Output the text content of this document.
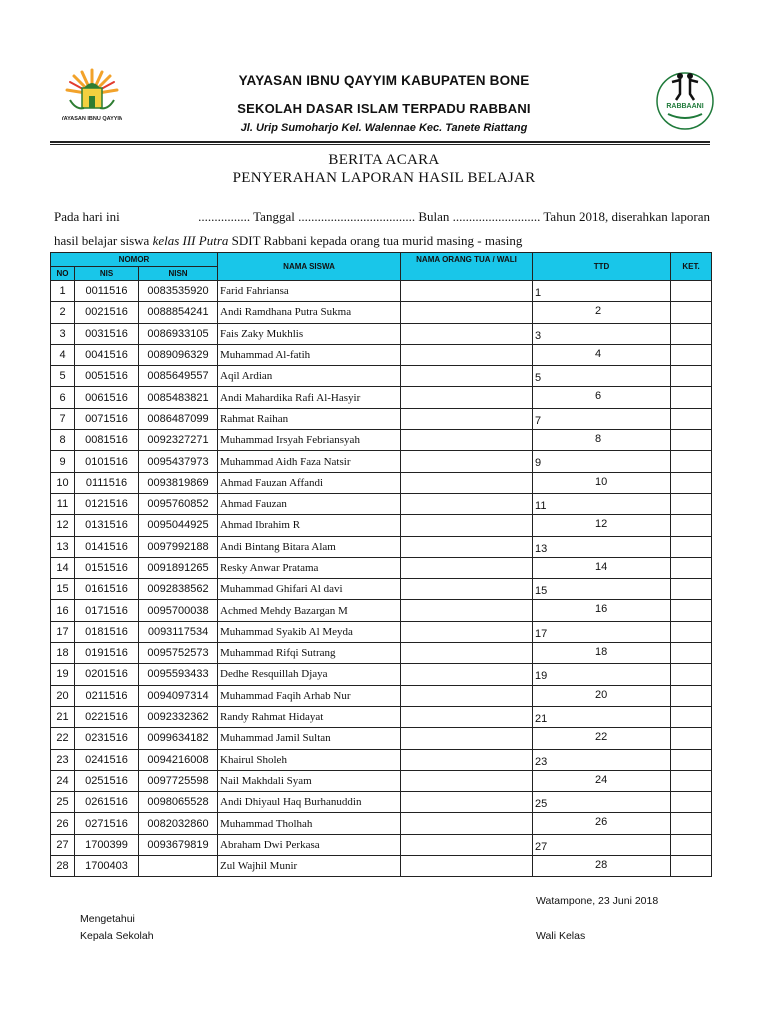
YAYASAN IBNU QAYYIM
RABBAANI
YAYASAN IBNU QAYYIM KABUPATEN BONE
SEKOLAH DASAR ISLAM TERPADU RABBANI
Jl. Urip Sumoharjo Kel. Walennae Kec. Tanete Riattang
BERITA ACARA
PENYERAHAN LAPORAN HASIL BELAJAR
Pada hari ini	................ Tanggal .................................... Bulan ........................... Tahun 2018, diserahkan laporan
hasil belajar siswa kelas III Putra SDIT Rabbani kepada orang tua murid masing - masing
NOMOR			NAMA SISWA	NAMA ORANG TUA / WALI	TTD	KET.
NO	NIS	NISN				
1	0011516	0083535920	Farid Fahriansa		1	

2	0021516	0088854241	Andi Ramdhana Putra Sukma		2	

3	0031516	0086933105	Fais Zaky Mukhlis		3	

4	0041516	0089096329	Muhammad Al-fatih		4	

5	0051516	0085649557	Aqil Ardian		5	

6	0061516	0085483821	Andi Mahardika Rafi Al-Hasyir		6	

7	0071516	0086487099	Rahmat Raihan		7	

8	0081516	0092327271	Muhammad Irsyah Febriansyah		8	

9	0101516	0095437973	Muhammad Aidh Faza Natsir		9	

10	0111516	0093819869	Ahmad Fauzan Affandi		10	

11	0121516	0095760852	Ahmad Fauzan		11	

12	0131516	0095044925	Ahmad Ibrahim R		12	

13	0141516	0097992188	Andi Bintang Bitara Alam		13	

14	0151516	0091891265	Resky Anwar Pratama		14	

15	0161516	0092838562	Muhammad Ghifari Al davi		15	

16	0171516	0095700038	Achmed Mehdy Bazargan M		16	

17	0181516	0093117534	Muhammad Syakib Al Meyda		17	

18	0191516	0095752573	Muhammad Rifqi Sutrang		18	

19	0201516	0095593433	Dedhe Resquillah Djaya		19	

20	0211516	0094097314	Muhammad Faqih Arhab Nur		20	

21	0221516	0092332362	Randy Rahmat Hidayat		21	

22	0231516	0099634182	Muhammad Jamil Sultan		22	

23	0241516	0094216008	Khairul Sholeh		23	

24	0251516	0097725598	Nail Makhdali Syam		24	

25	0261516	0098065528	Andi Dhiyaul Haq Burhanuddin		25	

26	0271516	0082032860	Muhammad Tholhah		26	

27	1700399	0093679819	Abraham Dwi Perkasa		27	

28	1700403		Zul Wajhil Munir		28	

Watampone, 23 Juni 2018
Mengetahui
Kepala Sekolah	Wali Kelas
